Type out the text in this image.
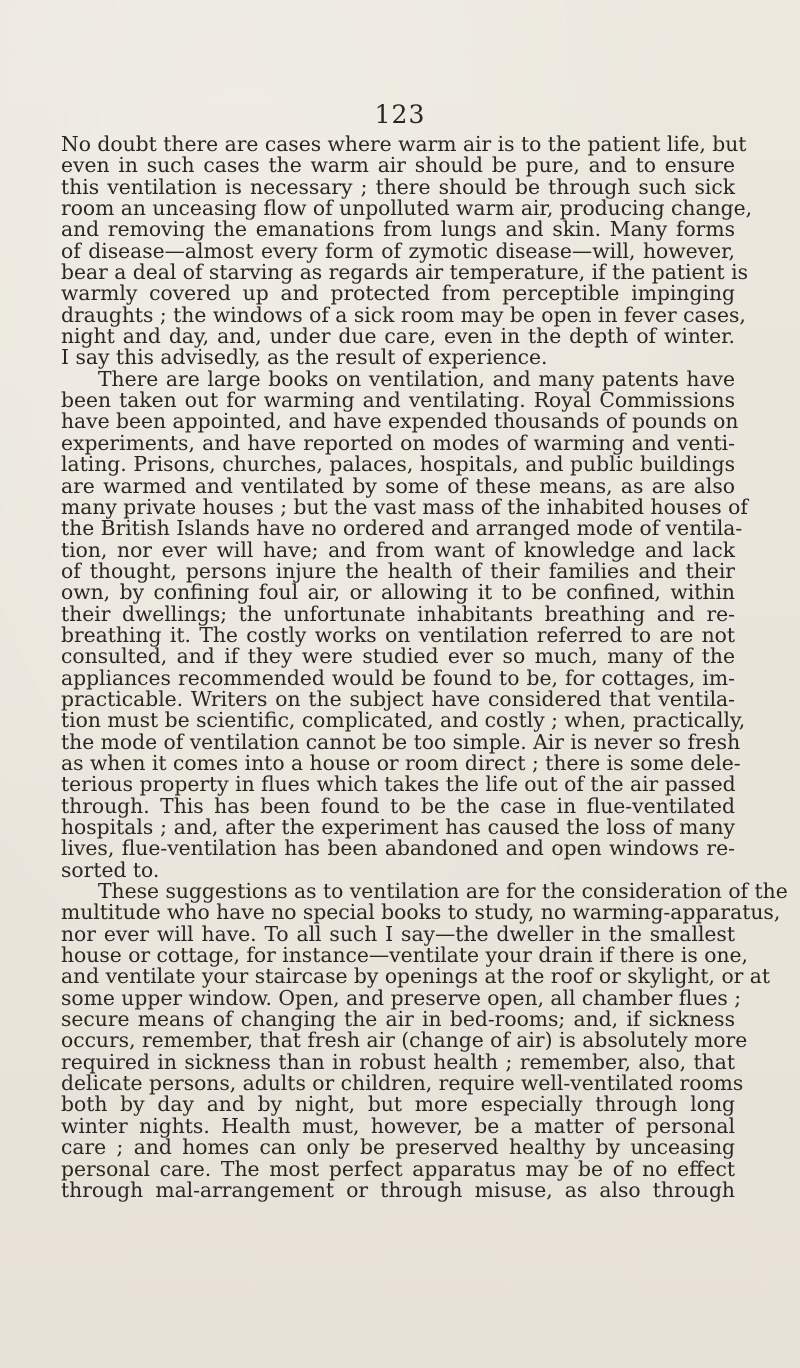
123
No doubt there are cases where warm air is to the patient life, but
even in such cases the warm air should be pure, and to ensure
this ventilation is necessary ; there should be through such sick
room an unceasing flow of unpolluted warm air, producing change,
and removing the emanations from lungs and skin. Many forms
of disease—almost every form of zymotic disease—will, however,
bear a deal of starving as regards air temperature, if the patient is
warmly covered up and protected from perceptible impinging
draughts ; the windows of a sick room may be open in fever cases,
night and day, and, under due care, even in the depth of winter.
I say this advisedly, as the result of experience.
There are large books on ventilation, and many patents have
been taken out for warming and ventilating. Royal Commissions
have been appointed, and have expended thousands of pounds on
experiments, and have reported on modes of warming and venti-
lating. Prisons, churches, palaces, hospitals, and public buildings
are warmed and ventilated by some of these means, as are also
many private houses ; but the vast mass of the inhabited houses of
the British Islands have no ordered and arranged mode of ventila-
tion, nor ever will have; and from want of knowledge and lack
of thought, persons injure the health of their families and their
own, by confining foul air, or allowing it to be confined, within
their dwellings; the unfortunate inhabitants breathing and re-
breathing it. The costly works on ventilation referred to are not
consulted, and if they were studied ever so much, many of the
appliances recommended would be found to be, for cottages, im-
practicable. Writers on the subject have considered that ventila-
tion must be scientific, complicated, and costly ; when, practically,
the mode of ventilation cannot be too simple. Air is never so fresh
as when it comes into a house or room direct ; there is some dele-
terious property in flues which takes the life out of the air passed
through. This has been found to be the case in flue-ventilated
hospitals ; and, after the experiment has caused the loss of many
lives, flue-ventilation has been abandoned and open windows re-
sorted to.
These suggestions as to ventilation are for the consideration of the
multitude who have no special books to study, no warming-apparatus,
nor ever will have. To all such I say—the dweller in the smallest
house or cottage, for instance—ventilate your drain if there is one,
and ventilate your staircase by openings at the roof or skylight, or at
some upper window. Open, and preserve open, all chamber flues ;
secure means of changing the air in bed-rooms; and, if sickness
occurs, remember, that fresh air (change of air) is absolutely more
required in sickness than in robust health ; remember, also, that
delicate persons, adults or children, require well-ventilated rooms
both by day and by night, but more especially through long
winter nights. Health must, however, be a matter of personal
care ; and homes can only be preserved healthy by unceasing
personal care. The most perfect apparatus may be of no effect
through mal-arrangement or through misuse, as also through
